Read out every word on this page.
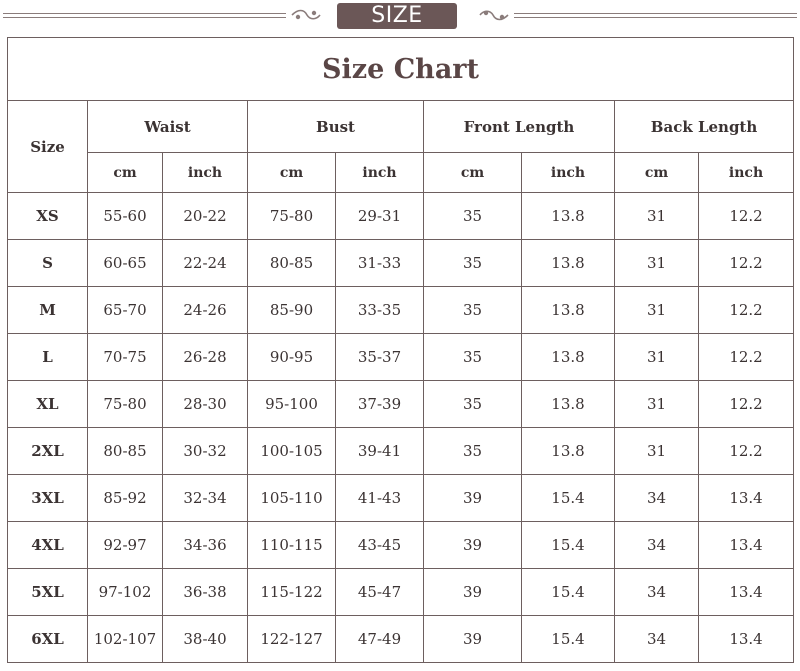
SIZE
Size Chart								
Size	Waist		Bust		Front Length		Back Length	
	cm	inch	cm	inch	cm	inch	cm	inch
XS	55-60	20-22	75-80	29-31	35	13.8	31	12.2
S	60-65	22-24	80-85	31-33	35	13.8	31	12.2
M	65-70	24-26	85-90	33-35	35	13.8	31	12.2
L	70-75	26-28	90-95	35-37	35	13.8	31	12.2
XL	75-80	28-30	95-100	37-39	35	13.8	31	12.2
2XL	80-85	30-32	100-105	39-41	35	13.8	31	12.2
3XL	85-92	32-34	105-110	41-43	39	15.4	34	13.4
4XL	92-97	34-36	110-115	43-45	39	15.4	34	13.4
5XL	97-102	36-38	115-122	45-47	39	15.4	34	13.4
6XL	102-107	38-40	122-127	47-49	39	15.4	34	13.4
